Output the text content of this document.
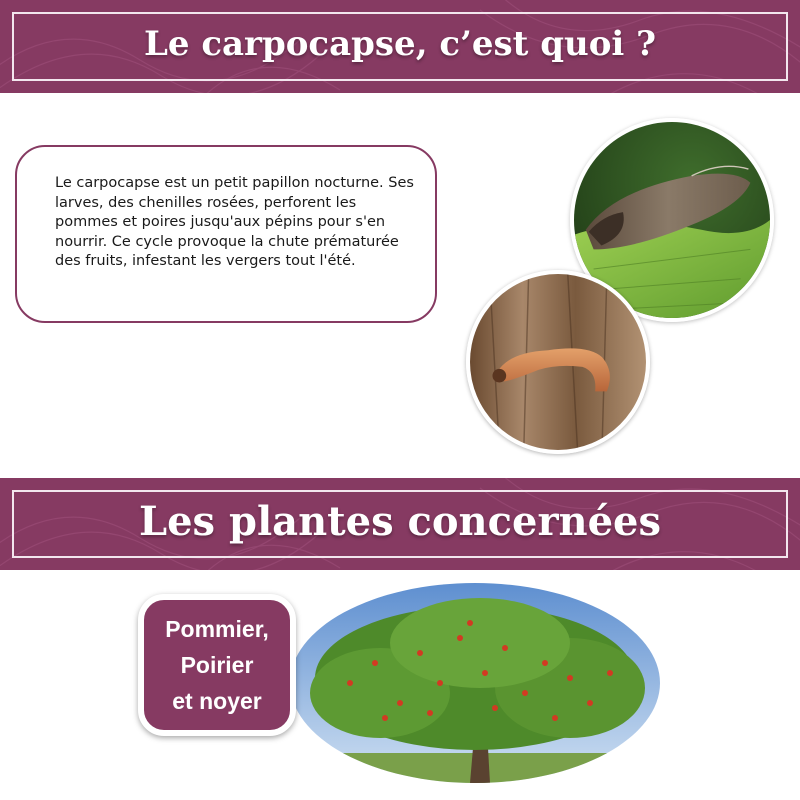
Le carpocapse, c’est quoi ?

Le carpocapse est un petit papillon nocturne. Ses larves, des chenilles rosées, perforent les pommes et poires jusqu'aux pépins pour s'en nourrir. Ce cycle provoque la chute prématurée des fruits, infestant les vergers tout l'été.

Les plantes concernées
Pommier,
Poirier
et noyer
